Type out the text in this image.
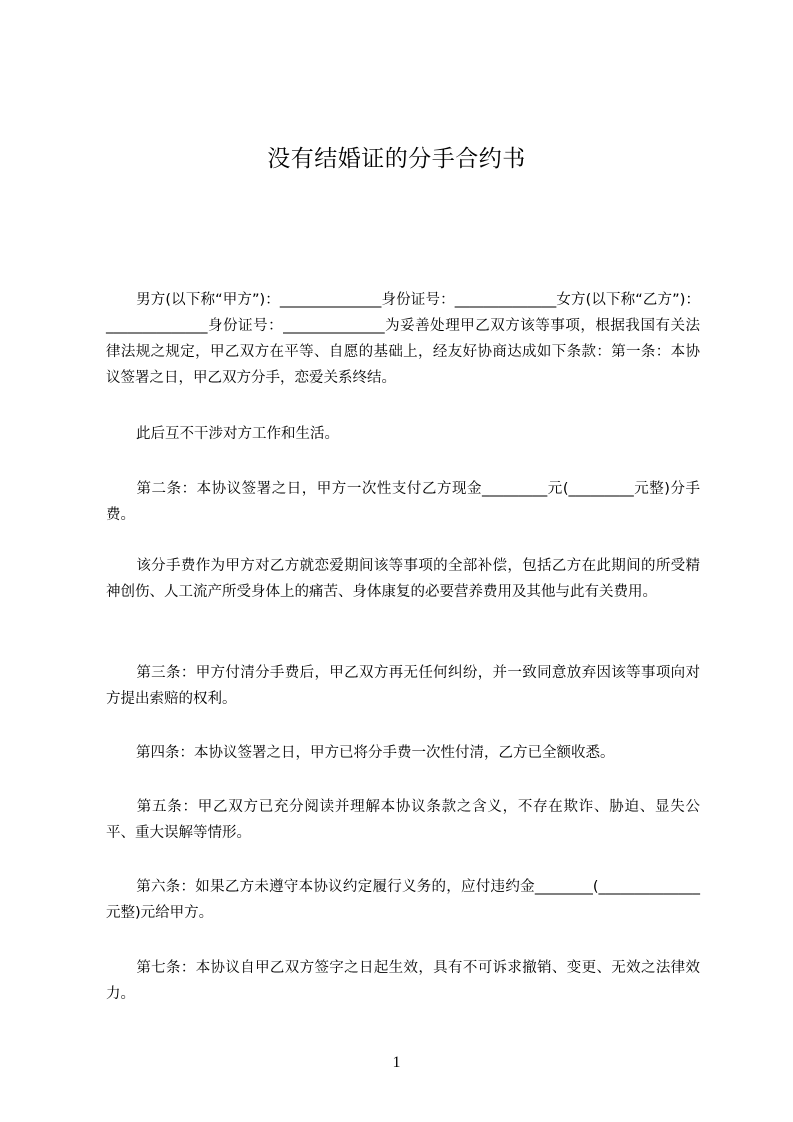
没有结婚证的分手合约书

男方(以下称“甲方”)：______________身份证号：______________女方(以下称“乙方”)：______________身份证号：______________为妥善处理甲乙双方该等事项，根据我国有关法律法规之规定，甲乙双方在平等、自愿的基础上，经友好协商达成如下条款：第一条：本协议签署之日，甲乙双方分手，恋爱关系终结。

此后互不干涉对方工作和生活。

第二条：本协议签署之日，甲方一次性支付乙方现金_________元(_________元整)分手费。

该分手费作为甲方对乙方就恋爱期间该等事项的全部补偿，包括乙方在此期间的所受精神创伤、人工流产所受身体上的痛苦、身体康复的必要营养费用及其他与此有关费用。

第三条：甲方付清分手费后，甲乙双方再无任何纠纷，并一致同意放弃因该等事项向对方提出索赔的权利。

第四条：本协议签署之日，甲方已将分手费一次性付清，乙方已全额收悉。

第五条：甲乙双方已充分阅读并理解本协议条款之含义，不存在欺诈、胁迫、显失公平、重大误解等情形。

第六条：如果乙方未遵守本协议约定履行义务的，应付违约金________(______________元整)元给甲方。

第七条：本协议自甲乙双方签字之日起生效，具有不可诉求撤销、变更、无效之法律效力。

1
